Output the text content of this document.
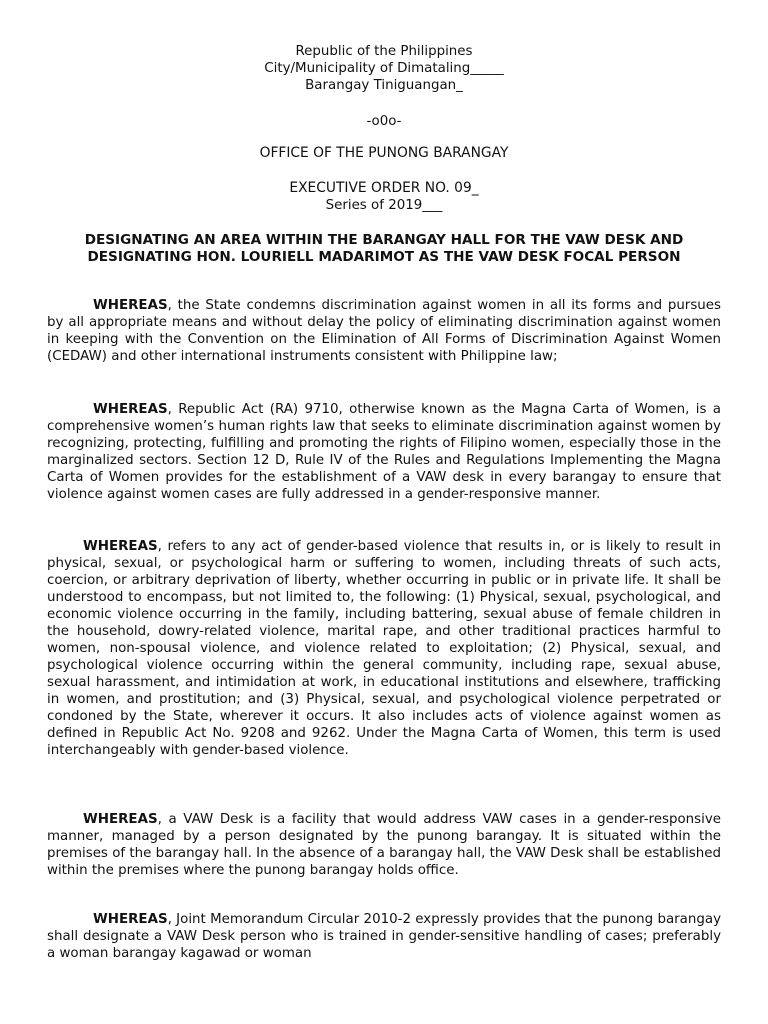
Republic of the Philippines
City/Municipality of Dimataling_____
Barangay Tiniguangan_
-o0o-
OFFICE OF THE PUNONG BARANGAY
EXECUTIVE ORDER NO. 09_
Series of 2019___
DESIGNATING AN AREA WITHIN THE BARANGAY HALL FOR THE VAW DESK AND DESIGNATING HON. LOURIELL MADARIMOT AS THE VAW DESK FOCAL PERSON

WHEREAS, the State condemns discrimination against women in all its forms and pursues by all appropriate means and without delay the policy of eliminating discrimination against women in keeping with the Convention on the Elimination of All Forms of Discrimination Against Women (CEDAW) and other international instruments consistent with Philippine law;

WHEREAS, Republic Act (RA) 9710, otherwise known as the Magna Carta of Women, is a comprehensive women’s human rights law that seeks to eliminate discrimination against women by recognizing, protecting, fulfilling and promoting the rights of Filipino women, especially those in the marginalized sectors. Section 12 D, Rule IV of the Rules and Regulations Implementing the Magna Carta of Women provides for the establishment of a VAW desk in every barangay to ensure that violence against women cases are fully addressed in a gender-responsive manner.

WHEREAS, refers to any act of gender-based violence that results in, or is likely to result in physical, sexual, or psychological harm or suffering to women, including threats of such acts, coercion, or arbitrary deprivation of liberty, whether occurring in public or in private life. It shall be understood to encompass, but not limited to, the following: (1) Physical, sexual, psychological, and economic violence occurring in the family, including battering, sexual abuse of female children in the household, dowry-related violence, marital rape, and other traditional practices harmful to women, non-spousal violence, and violence related to exploitation; (2) Physical, sexual, and psychological violence occurring within the general community, including rape, sexual abuse, sexual harassment, and intimidation at work, in educational institutions and elsewhere, trafficking in women, and prostitution; and (3) Physical, sexual, and psychological violence perpetrated or condoned by the State, wherever it occurs. It also includes acts of violence against women as defined in Republic Act No. 9208 and 9262. Under the Magna Carta of Women, this term is used interchangeably with gender-based violence.

WHEREAS, a VAW Desk is a facility that would address VAW cases in a gender-responsive manner, managed by a person designated by the punong barangay. It is situated within the premises of the barangay hall. In the absence of a barangay hall, the VAW Desk shall be established within the premises where the punong barangay holds office.

WHEREAS, Joint Memorandum Circular 2010-2 expressly provides that the punong barangay shall designate a VAW Desk person who is trained in gender-sensitive handling of cases; preferably a woman barangay kagawad or woman
